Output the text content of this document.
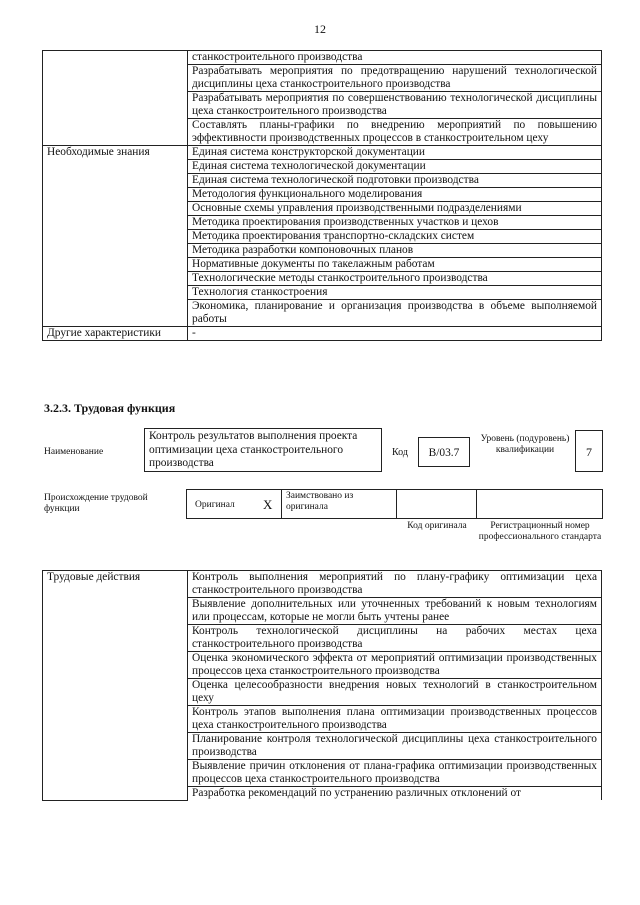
12
	станкостроительного производства
	Разрабатывать мероприятия по предотвращению нарушений технологической дисциплины цеха станкостроительного производства
	Разрабатывать мероприятия по совершенствованию технологической дисциплины цеха станкостроительного производства
	Составлять планы-графики по внедрению мероприятий по повышению эффективности производственных процессов в станкостроительном цеху
Необходимые знания	Единая система конструкторской документации
	Единая система технологической документации
	Единая система технологической подготовки производства
	Методология функционального моделирования
	Основные схемы управления производственными подразделениями
	Методика проектирования производственных участков и цехов
	Методика проектирования транспортно-складских систем
	Методика разработки компоновочных планов
	Нормативные документы по такелажным работам
	Технологические методы станкостроительного производства
	Технология станкостроения
	Экономика, планирование и организация производства в объеме выполняемой работы
Другие характеристики	-
3.2.3. Трудовая функция
Наименование
Контроль результатов выполнения проекта оптимизации цеха станкостроительного производства
Код	B/03.7
Уровень (подуровень) квалификации	7
Происхождение трудовой функции	Оригинал X
Заимствовано из оригинала
Код оригинала	Регистрационный номер профессионального стандарта
Трудовые действия	Контроль выполнения мероприятий по плану-графику оптимизации цеха станкостроительного производства
Выявление дополнительных или уточненных требований к новым технологиям или процессам, которые не могли быть учтены ранее
Контроль технологической дисциплины на рабочих местах цеха станкостроительного производства
Оценка экономического эффекта от мероприятий оптимизации производственных процессов цеха станкостроительного производства
Оценка целесообразности внедрения новых технологий в станкостроительном цеху
Контроль этапов выполнения плана оптимизации производственных процессов цеха станкостроительного производства
Планирование контроля технологической дисциплины цеха станкостроительного производства
Выявление причин отклонения от плана-графика оптимизации производственных процессов цеха станкостроительного производства
Разработка рекомендаций по устранению различных отклонений от
